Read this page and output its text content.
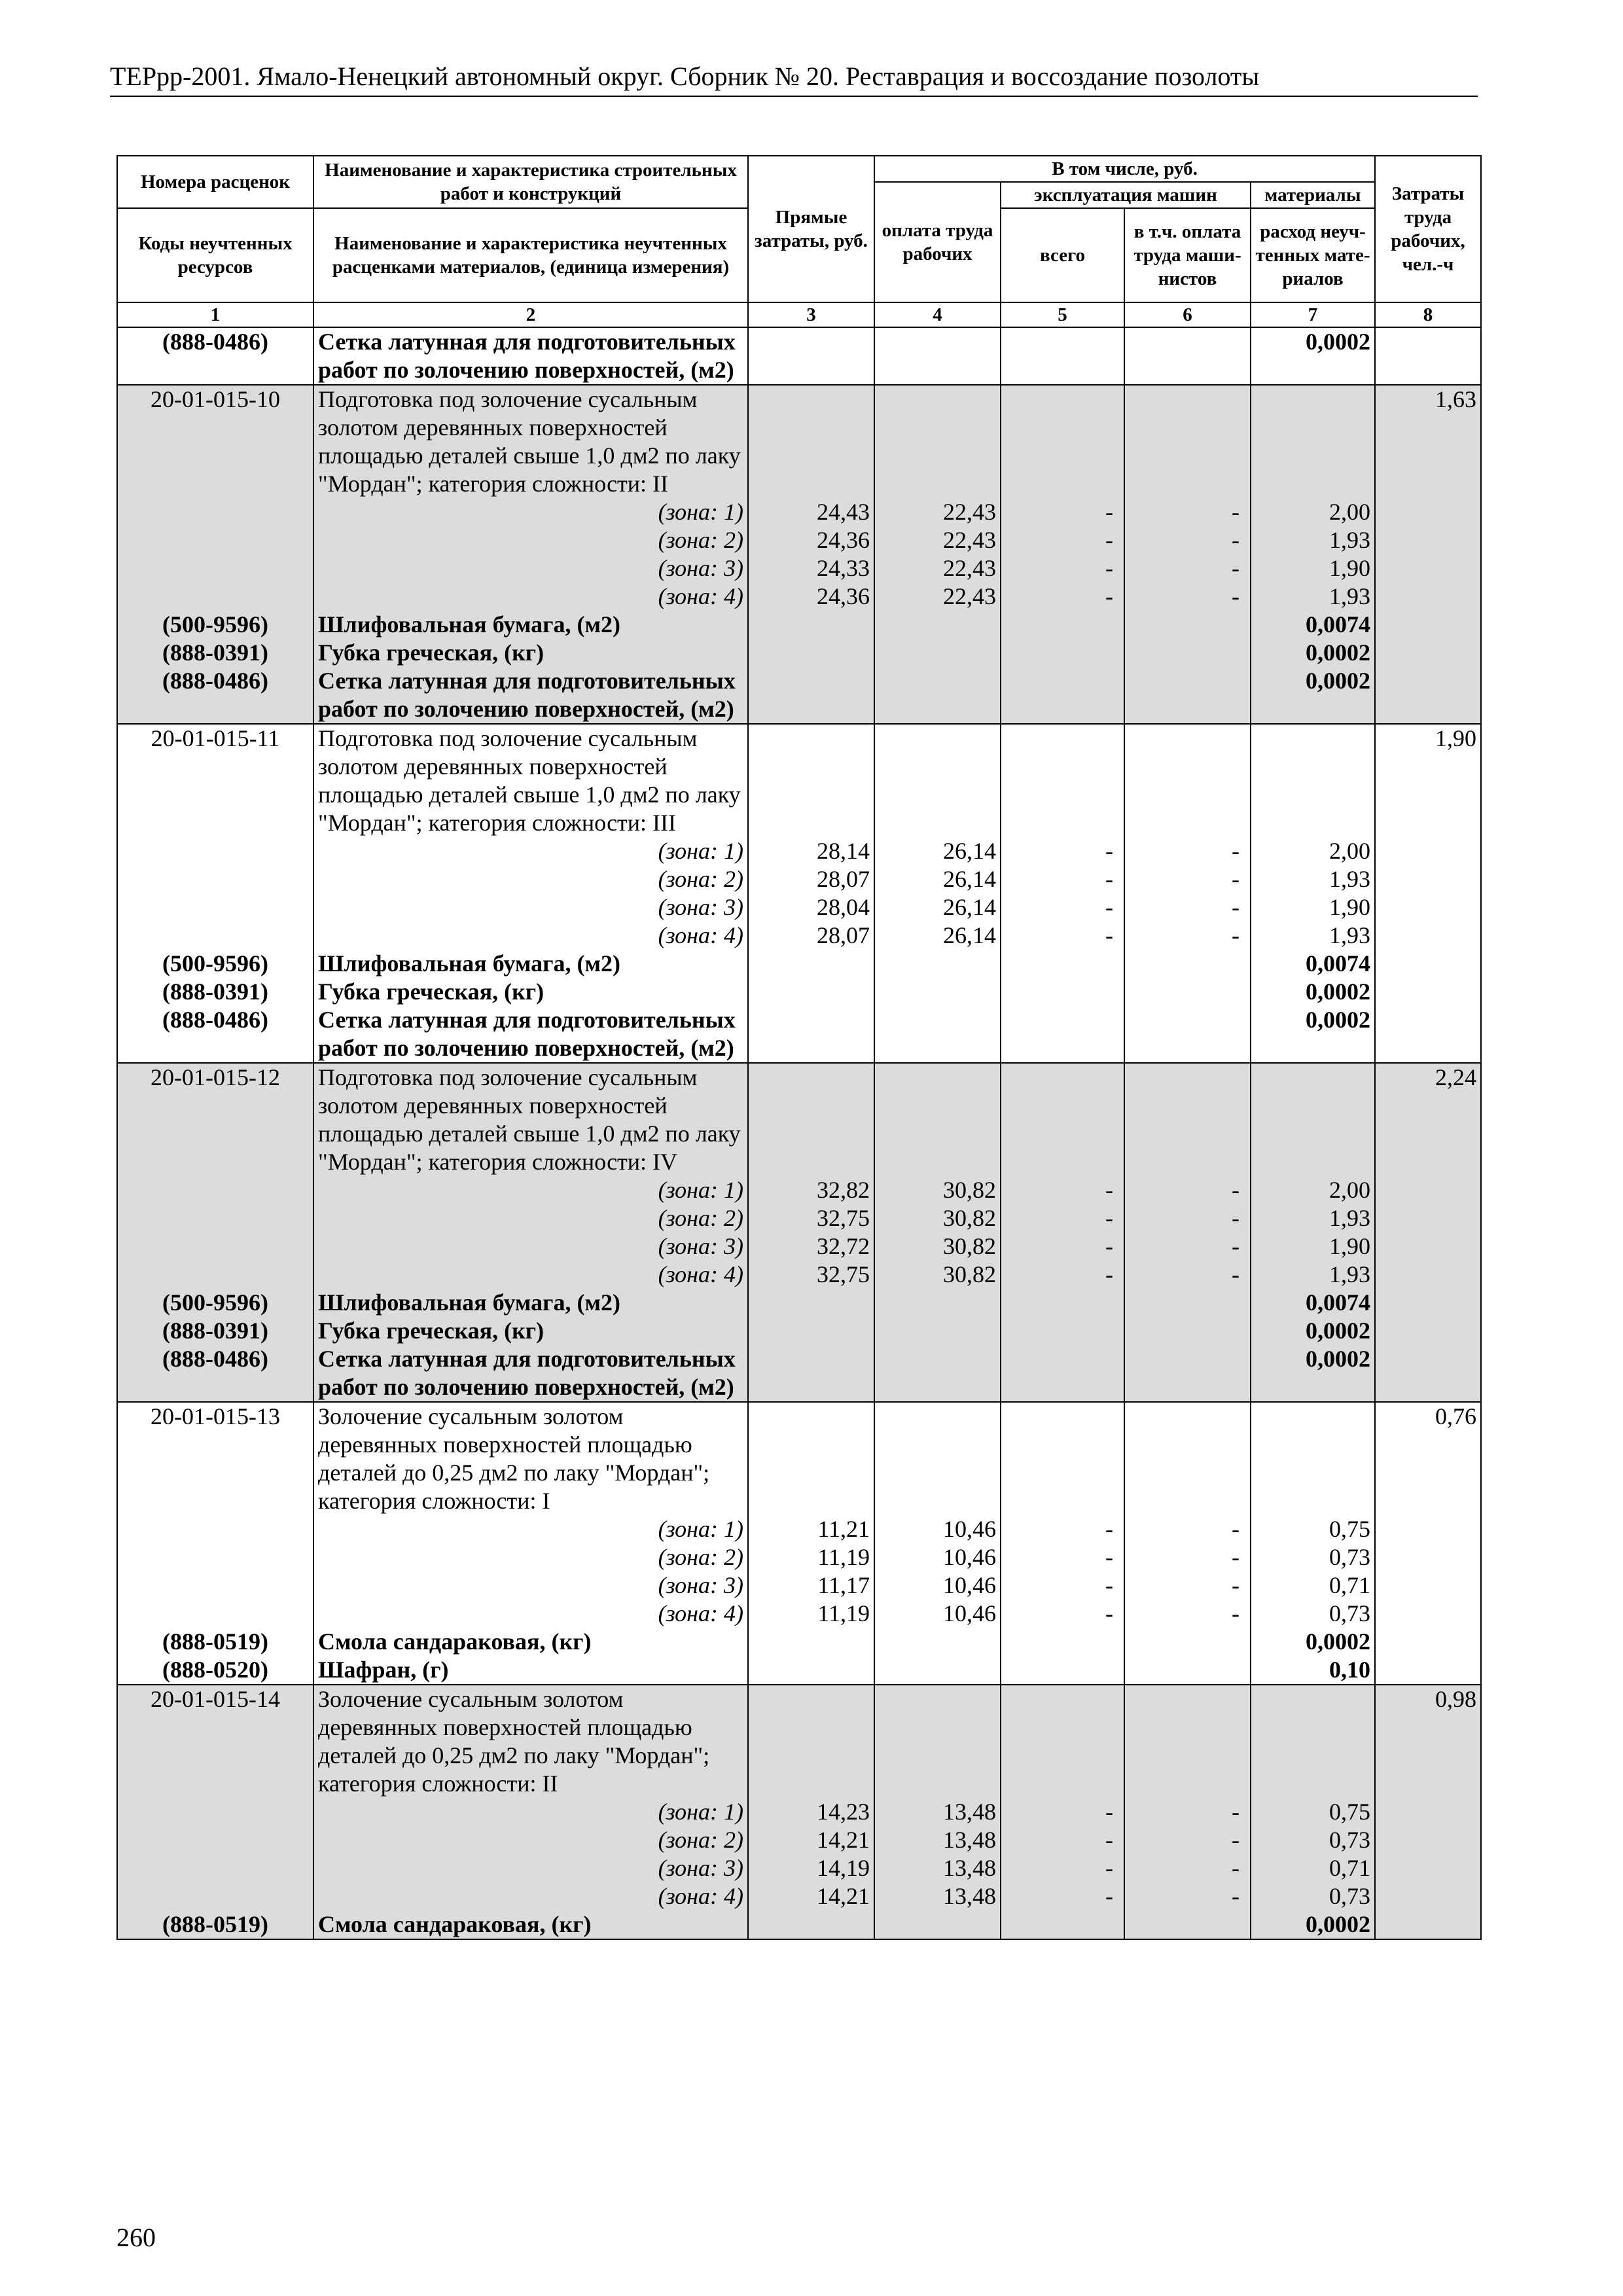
ТЕРрр-2001. Ямало-Ненецкий автономный округ. Сборник № 20. Реставрация и воссоздание позолоты
Номера расценок	Наименование и характеристика строительных работ и конструкций	Прямые затраты, руб.	В том числе, руб.				Затраты труда рабочих, чел.-ч
			оплата труда рабочих	эксплуатация машин		материалы	
Коды неучтенных ресурсов	Наименование и характеристика неучтенных расценками материалов, (единица измерения)			всего	в т.ч. оплата труда маши- нистов	расход неуч- тенных мате- риалов	

1	2	3	4	5	6	7	8
(888-0486)	Сетка латунная для подготовительных работ по золочению поверхностей, (м2)					0,0002	
20-01-015-10	Подготовка под золочение сусальным золотом деревянных поверхностей площадью деталей свыше 1,0 дм2 по лаку "Мордан"; категория сложности: II						1,63
	(зона: 1)	24,43	22,43	-	-	2,00	
	(зона: 2)	24,36	22,43	-	-	1,93	
	(зона: 3)	24,33	22,43	-	-	1,90	
	(зона: 4)	24,36	22,43	-	-	1,93	
(500-9596)	Шлифовальная бумага, (м2)					0,0074	
(888-0391)	Губка греческая, (кг)					0,0002	
(888-0486)	Сетка латунная для подготовительных работ по золочению поверхностей, (м2)					0,0002	
20-01-015-11	Подготовка под золочение сусальным золотом деревянных поверхностей площадью деталей свыше 1,0 дм2 по лаку "Мордан"; категория сложности: III						1,90
	(зона: 1)	28,14	26,14	-	-	2,00	
	(зона: 2)	28,07	26,14	-	-	1,93	
	(зона: 3)	28,04	26,14	-	-	1,90	
	(зона: 4)	28,07	26,14	-	-	1,93	
(500-9596)	Шлифовальная бумага, (м2)					0,0074	
(888-0391)	Губка греческая, (кг)					0,0002	
(888-0486)	Сетка латунная для подготовительных работ по золочению поверхностей, (м2)					0,0002	
20-01-015-12	Подготовка под золочение сусальным золотом деревянных поверхностей площадью деталей свыше 1,0 дм2 по лаку "Мордан"; категория сложности: IV						2,24
	(зона: 1)	32,82	30,82	-	-	2,00	
	(зона: 2)	32,75	30,82	-	-	1,93	
	(зона: 3)	32,72	30,82	-	-	1,90	
	(зона: 4)	32,75	30,82	-	-	1,93	
(500-9596)	Шлифовальная бумага, (м2)					0,0074	
(888-0391)	Губка греческая, (кг)					0,0002	
(888-0486)	Сетка латунная для подготовительных работ по золочению поверхностей, (м2)					0,0002	
20-01-015-13	Золочение сусальным золотом деревянных поверхностей площадью деталей до 0,25 дм2 по лаку "Мордан"; категория сложности: I						0,76
	(зона: 1)	11,21	10,46	-	-	0,75	
	(зона: 2)	11,19	10,46	-	-	0,73	
	(зона: 3)	11,17	10,46	-	-	0,71	
	(зона: 4)	11,19	10,46	-	-	0,73	
(888-0519)	Смола сандараковая, (кг)					0,0002	
(888-0520)	Шафран, (г)					0,10	
20-01-015-14	Золочение сусальным золотом деревянных поверхностей площадью деталей до 0,25 дм2 по лаку "Мордан"; категория сложности: II						0,98
	(зона: 1)	14,23	13,48	-	-	0,75	
	(зона: 2)	14,21	13,48	-	-	0,73	
	(зона: 3)	14,19	13,48	-	-	0,71	
	(зона: 4)	14,21	13,48	-	-	0,73	
(888-0519)	Смола сандараковая, (кг)					0,0002	
260
